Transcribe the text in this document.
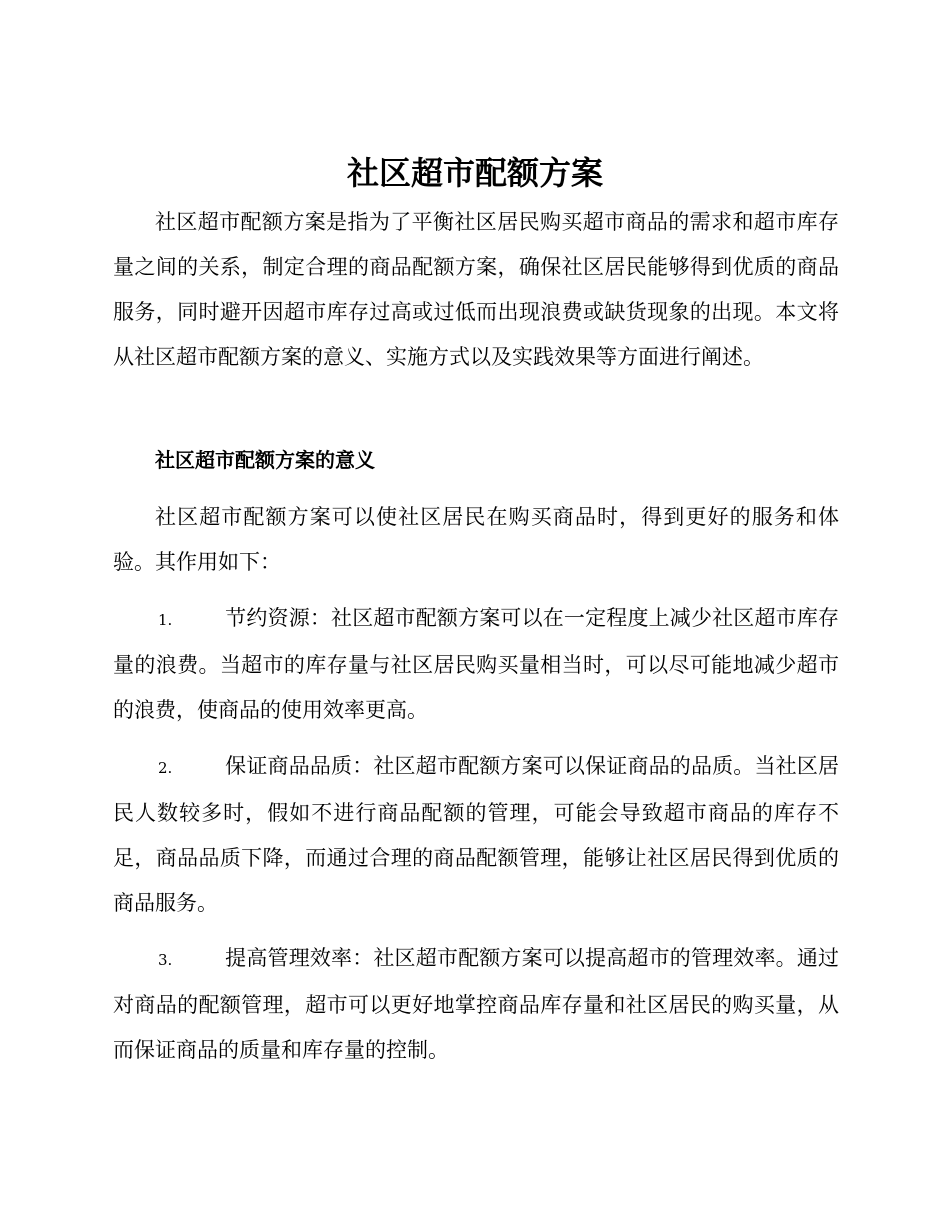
社区超市配额方案

社区超市配额方案是指为了平衡社区居民购买超市商品的需求和超市库存量之间的关系，制定合理的商品配额方案，确保社区居民能够得到优质的商品服务，同时避开因超市库存过高或过低而出现浪费或缺货现象的出现。本文将从社区超市配额方案的意义、实施方式以及实践效果等方面进行阐述。

社区超市配额方案的意义

社区超市配额方案可以使社区居民在购买商品时，得到更好的服务和体验。其作用如下：

1.	节约资源：社区超市配额方案可以在一定程度上减少社区超市库存量的浪费。当超市的库存量与社区居民购买量相当时，可以尽可能地减少超市的浪费，使商品的使用效率更高。

2.	保证商品品质：社区超市配额方案可以保证商品的品质。当社区居民人数较多时，假如不进行商品配额的管理，可能会导致超市商品的库存不足，商品品质下降，而通过合理的商品配额管理，能够让社区居民得到优质的商品服务。

3.	提高管理效率：社区超市配额方案可以提高超市的管理效率。通过对商品的配额管理，超市可以更好地掌控商品库存量和社区居民的购买量，从而保证商品的质量和库存量的控制。
